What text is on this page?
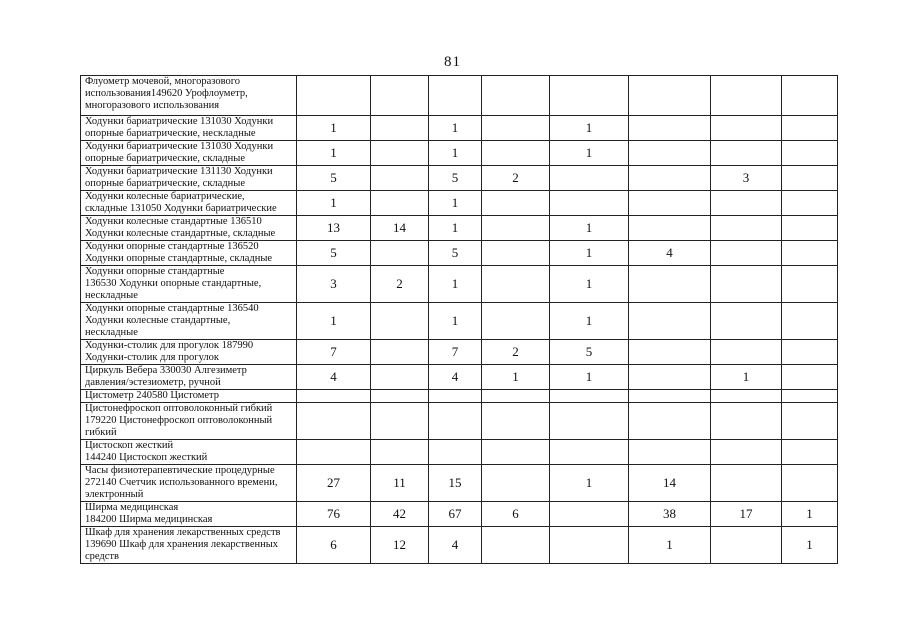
81
Флуометр мочевой, многоразового
использования149620 Урофлоуметр,
многоразового использования								

Ходунки бариатрические 131030 Ходунки
опорные бариатрические, нескладные	1		1		1			

Ходунки бариатрические 131030 Ходунки
опорные бариатрические, складные	1		1		1			

Ходунки бариатрические 131130 Ходунки
опорные бариатрические, складные	5		5	2			3	

Ходунки колесные бариатрические,
складные 131050 Ходунки бариатрические	1		1					

Ходунки колесные стандартные 136510
Ходунки колесные стандартные, складные	13	14	1		1			

Ходунки опорные стандартные 136520
Ходунки опорные стандартные, складные	5		5		1	4		

Ходунки опорные стандартные
136530 Ходунки опорные стандартные,
нескладные	3	2	1		1			

Ходунки опорные стандартные 136540
Ходунки колесные стандартные,
нескладные	1		1		1			

Ходунки-столик для прогулок 187990
Ходунки-столик для прогулок	7		7	2	5			

Циркуль Вебера 330030 Алгезиметр
давления/эстезиометр, ручной	4		4	1	1		1	

Цистометр 240580 Цистометр								

Цистонефроскоп оптоволоконный гибкий
179220 Цистонефроскоп оптоволоконный
гибкий								

Цистоскоп жесткий
144240 Цистоскоп жесткий								

Часы физиотерапевтические процедурные
272140 Счетчик использованного времени,
электронный	27	11	15		1	14		

Ширма медицинская
184200 Ширма медицинская	76	42	67	6		38	17	1

Шкаф для хранения лекарственных средств
139690 Шкаф для хранения лекарственных
средств	6	12	4			1		1
